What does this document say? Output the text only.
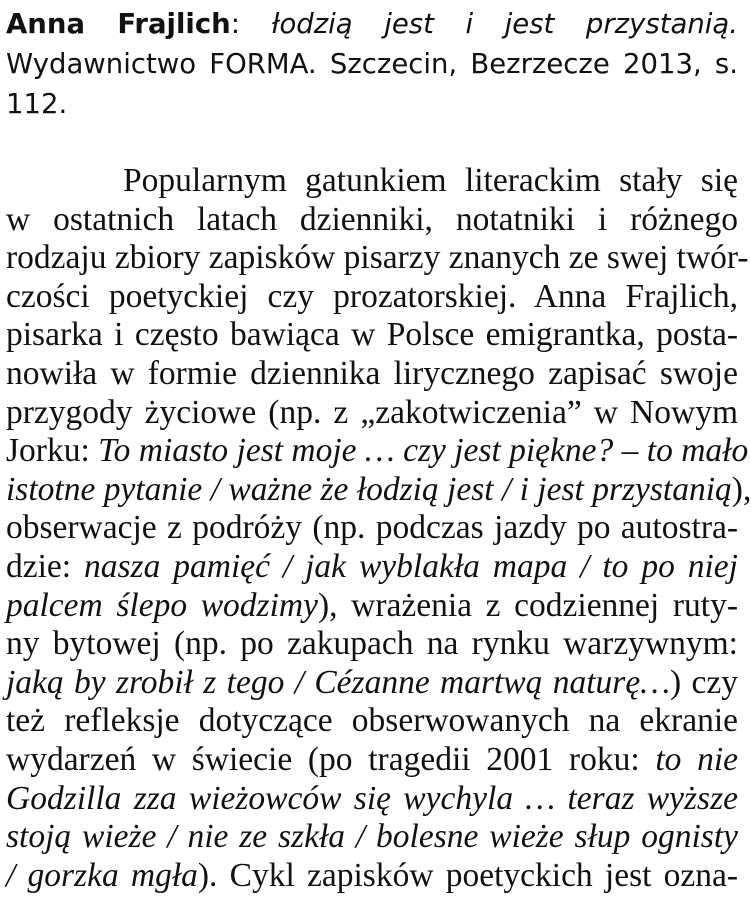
Anna Frajlich: łodzią jest i jest przystanią.
Wydawnictwo FORMA. Szczecin, Bezrzecze 2013, s.
112.
Popularnym gatunkiem literackim stały się
w ostatnich latach dzienniki, notatniki i różnego
rodzaju zbiory zapisków pisarzy znanych ze swej twór-
czości poetyckiej czy prozatorskiej. Anna Frajlich,
pisarka i często bawiąca w Polsce emigrantka, posta-
nowiła w formie dziennika lirycznego zapisać swoje
przygody życiowe (np. z „zakotwiczenia” w Nowym
Jorku: To miasto jest moje … czy jest piękne? – to mało
istotne pytanie / ważne że łodzią jest / i jest przystanią),
obserwacje z podróży (np. podczas jazdy po autostra-
dzie: nasza pamięć / jak wyblakła mapa / to po niej
palcem ślepo wodzimy), wrażenia z codziennej ruty-
ny bytowej (np. po zakupach na rynku warzywnym:
jaką by zrobił z tego / Cézanne martwą naturę…) czy
też refleksje dotyczące obserwowanych na ekranie
wydarzeń w świecie (po tragedii 2001 roku: to nie
Godzilla zza wieżowców się wychyla … teraz wyższe
stoją wieże / nie ze szkła / bolesne wieże słup ognisty
/ gorzka mgła). Cykl zapisków poetyckich jest ozna-
